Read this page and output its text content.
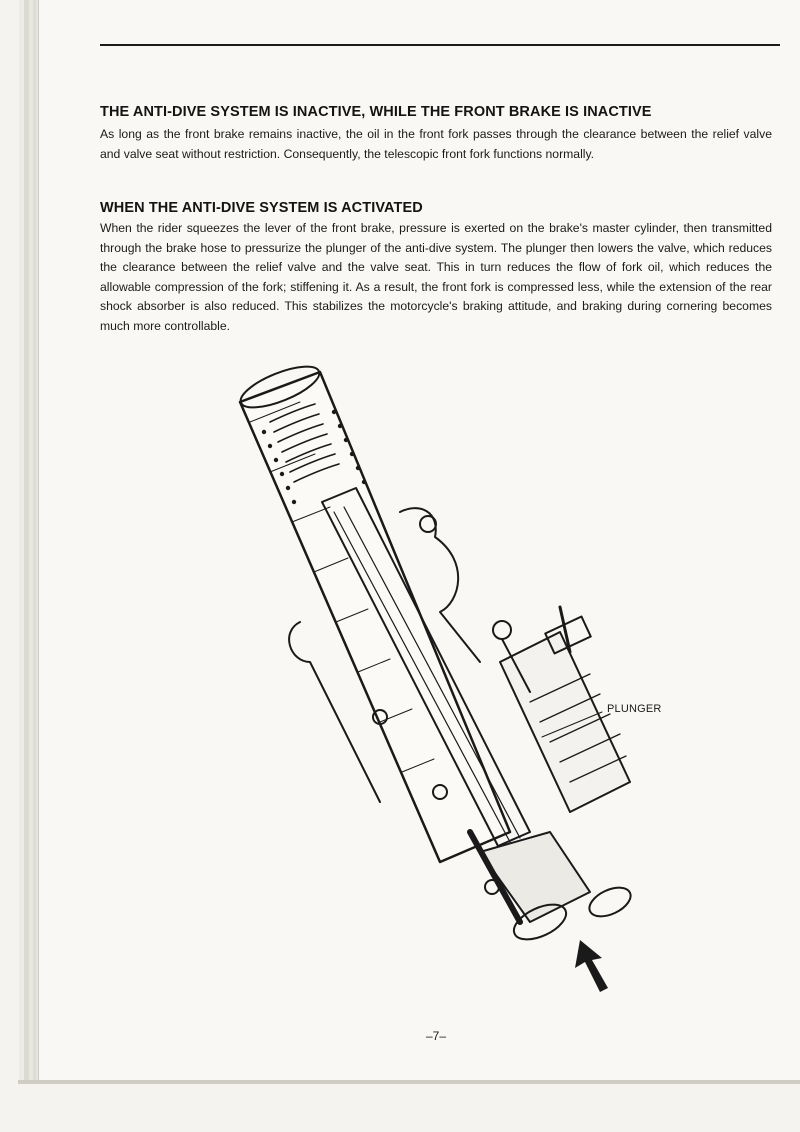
THE ANTI-DIVE SYSTEM IS INACTIVE, WHILE THE FRONT BRAKE IS INACTIVE

As long as the front brake remains inactive, the oil in the front fork passes through the clearance between the relief valve and valve seat without restriction. Consequently, the telescopic front fork functions normally.

WHEN THE ANTI-DIVE SYSTEM IS ACTIVATED

When the rider squeezes the lever of the front brake, pressure is exerted on the brake's master cylinder, then transmitted through the brake hose to pressurize the plunger of the anti-dive system. The plunger then lowers the valve, which reduces the clearance between the relief valve and the valve seat. This in turn reduces the flow of fork oil, which reduces the allowable compression of the fork; stiffening it. As a result, the front fork is compressed less, while the extension of the rear shock absorber is also reduced. This stabilizes the motorcycle's braking attitude, and braking during cornering becomes much more controllable.

PLUNGER
–7–
